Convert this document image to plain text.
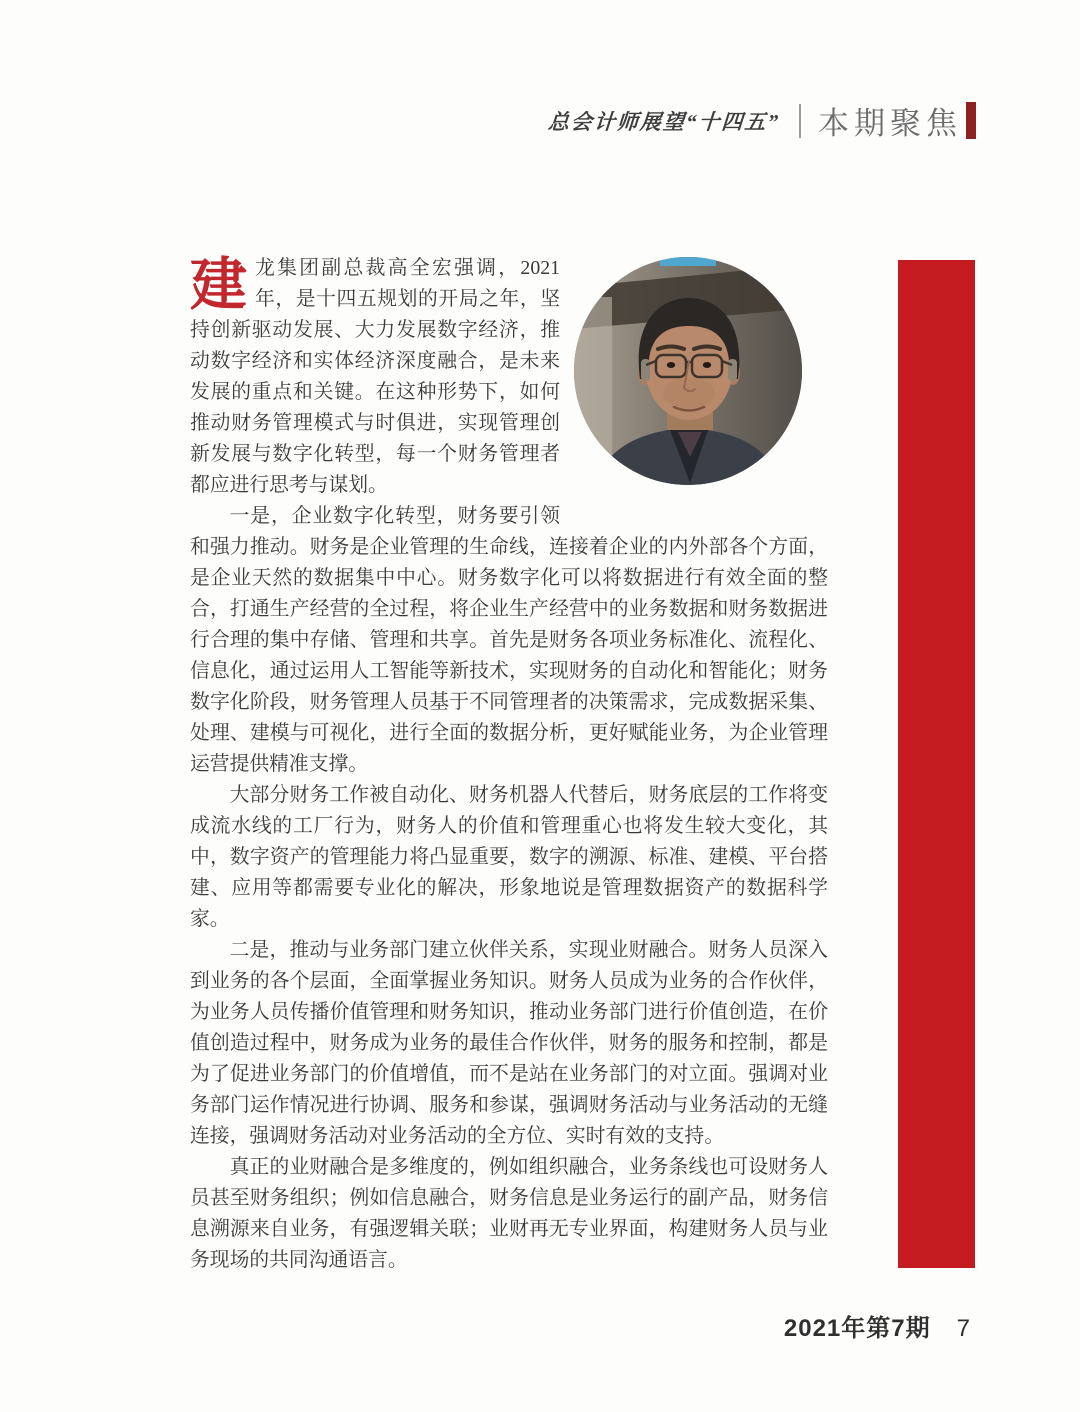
总会计师展望“十四五” 本期聚焦

建龙集团副总裁高全宏强调，2021年，是十四五规划的开局之年，坚持创新驱动发展、大力发展数字经济，推动数字经济和实体经济深度融合，是未来发展的重点和关键。在这种形势下，如何推动财务管理模式与时俱进，实现管理创新发展与数字化转型，每一个财务管理者都应进行思考与谋划。

一是，企业数字化转型，财务要引领和强力推动。财务是企业管理的生命线，连接着企业的内外部各个方面，是企业天然的数据集中中心。财务数字化可以将数据进行有效全面的整合，打通生产经营的全过程，将企业生产经营中的业务数据和财务数据进行合理的集中存储、管理和共享。首先是财务各项业务标准化、流程化、信息化，通过运用人工智能等新技术，实现财务的自动化和智能化；财务数字化阶段，财务管理人员基于不同管理者的决策需求，完成数据采集、处理、建模与可视化，进行全面的数据分析，更好赋能业务，为企业管理运营提供精准支撑。

大部分财务工作被自动化、财务机器人代替后，财务底层的工作将变成流水线的工厂行为，财务人的价值和管理重心也将发生较大变化，其中，数字资产的管理能力将凸显重要，数字的溯源、标准、建模、平台搭建、应用等都需要专业化的解决，形象地说是管理数据资产的数据科学家。

二是，推动与业务部门建立伙伴关系，实现业财融合。财务人员深入到业务的各个层面，全面掌握业务知识。财务人员成为业务的合作伙伴，为业务人员传播价值管理和财务知识，推动业务部门进行价值创造，在价值创造过程中，财务成为业务的最佳合作伙伴，财务的服务和控制，都是为了促进业务部门的价值增值，而不是站在业务部门的对立面。强调对业务部门运作情况进行协调、服务和参谋，强调财务活动与业务活动的无缝连接，强调财务活动对业务活动的全方位、实时有效的支持。

真正的业财融合是多维度的，例如组织融合，业务条线也可设财务人员甚至财务组织；例如信息融合，财务信息是业务运行的副产品，财务信息溯源来自业务，有强逻辑关联；业财再无专业界面，构建财务人员与业务现场的共同沟通语言。

2021年第7期 7
